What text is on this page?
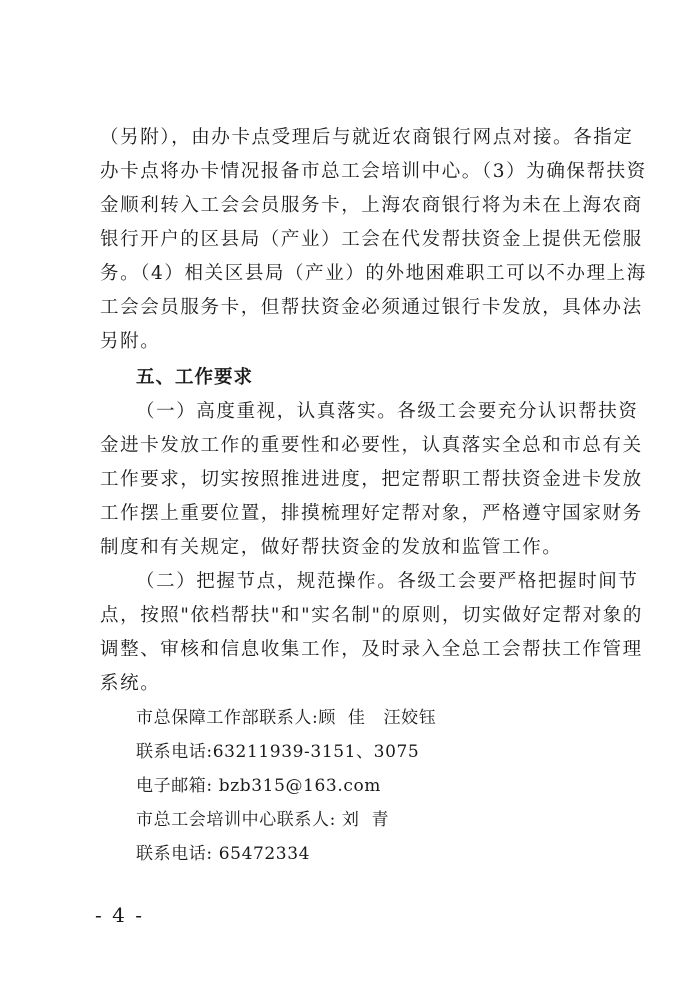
（另附），由办卡点受理后与就近农商银行网点对接。各指定
办卡点将办卡情况报备市总工会培训中心。（3）为确保帮扶资
金顺利转入工会会员服务卡，上海农商银行将为未在上海农商
银行开户的区县局（产业）工会在代发帮扶资金上提供无偿服
务。（4）相关区县局（产业）的外地困难职工可以不办理上海
工会会员服务卡，但帮扶资金必须通过银行卡发放，具体办法
另附。
五、工作要求
（一）高度重视，认真落实。各级工会要充分认识帮扶资
金进卡发放工作的重要性和必要性，认真落实全总和市总有关
工作要求，切实按照推进进度，把定帮职工帮扶资金进卡发放
工作摆上重要位置，排摸梳理好定帮对象，严格遵守国家财务
制度和有关规定，做好帮扶资金的发放和监管工作。
（二）把握节点，规范操作。各级工会要严格把握时间节
点，按照"依档帮扶"和"实名制"的原则，切实做好定帮对象的
调整、审核和信息收集工作，及时录入全总工会帮扶工作管理
系统。
市总保障工作部联系人:顾  佳   汪姣钰
联系电话:63211939-3151、3075
电子邮箱: bzb315@163.com
市总工会培训中心联系人: 刘  青
联系电话: 65472334
- 4 -
